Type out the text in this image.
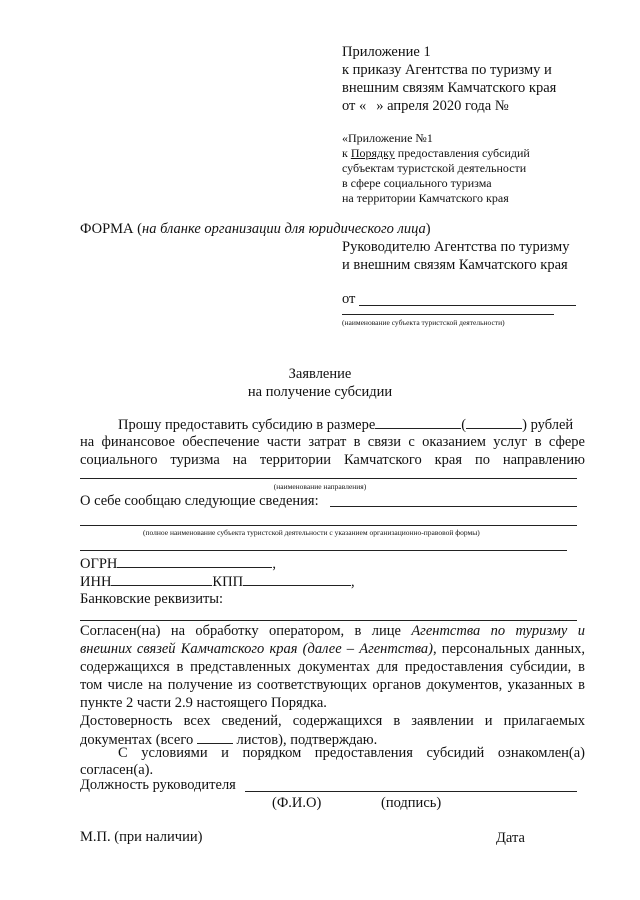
Приложение 1
к приказу Агентства по туризму и
внешним связям Камчатского края
от « » апреля 2020 года №
«Приложение №1
к Порядку предоставления субсидий
субъектам туристской деятельности
в сфере социального туризма
на территории Камчатского края
ФОРМА (на бланке организации для юридического лица)
Руководителю Агентства по туризму
и внешним связям Камчатского края
от
(наименование субъекта туристской деятельности)
Заявление
на получение субсидии
Прошу предоставить субсидию в размере	(	) рублей
на финансовое обеспечение части затрат в связи с оказанием услуг в сфере
социального туризма на территории Камчатского края по направлению
(наименование направления)
О себе сообщаю следующие сведения:
(полное наименование субъекта туристской деятельности с указанием организационно-правовой формы)
ОГРН	,
ИНН	КПП	,
Банковские реквизиты:
Согласен(на) на обработку оператором, в лице Агентства по туризму и
внешних связей Камчатского края (далее – Агентства), персональных данных,
содержащихся в представленных документах для предоставления субсидии, в
том числе на получение из соответствующих органов документов, указанных в
пункте 2 части 2.9 настоящего Порядка.
Достоверность всех сведений, содержащихся в заявлении и прилагаемых
документах (всего	листов), подтверждаю.
С условиями и порядком предоставления субсидий ознакомлен(а)
согласен(а).
Должность руководителя
(Ф.И.О)	(подпись)
М.П. (при наличии)	Дата
